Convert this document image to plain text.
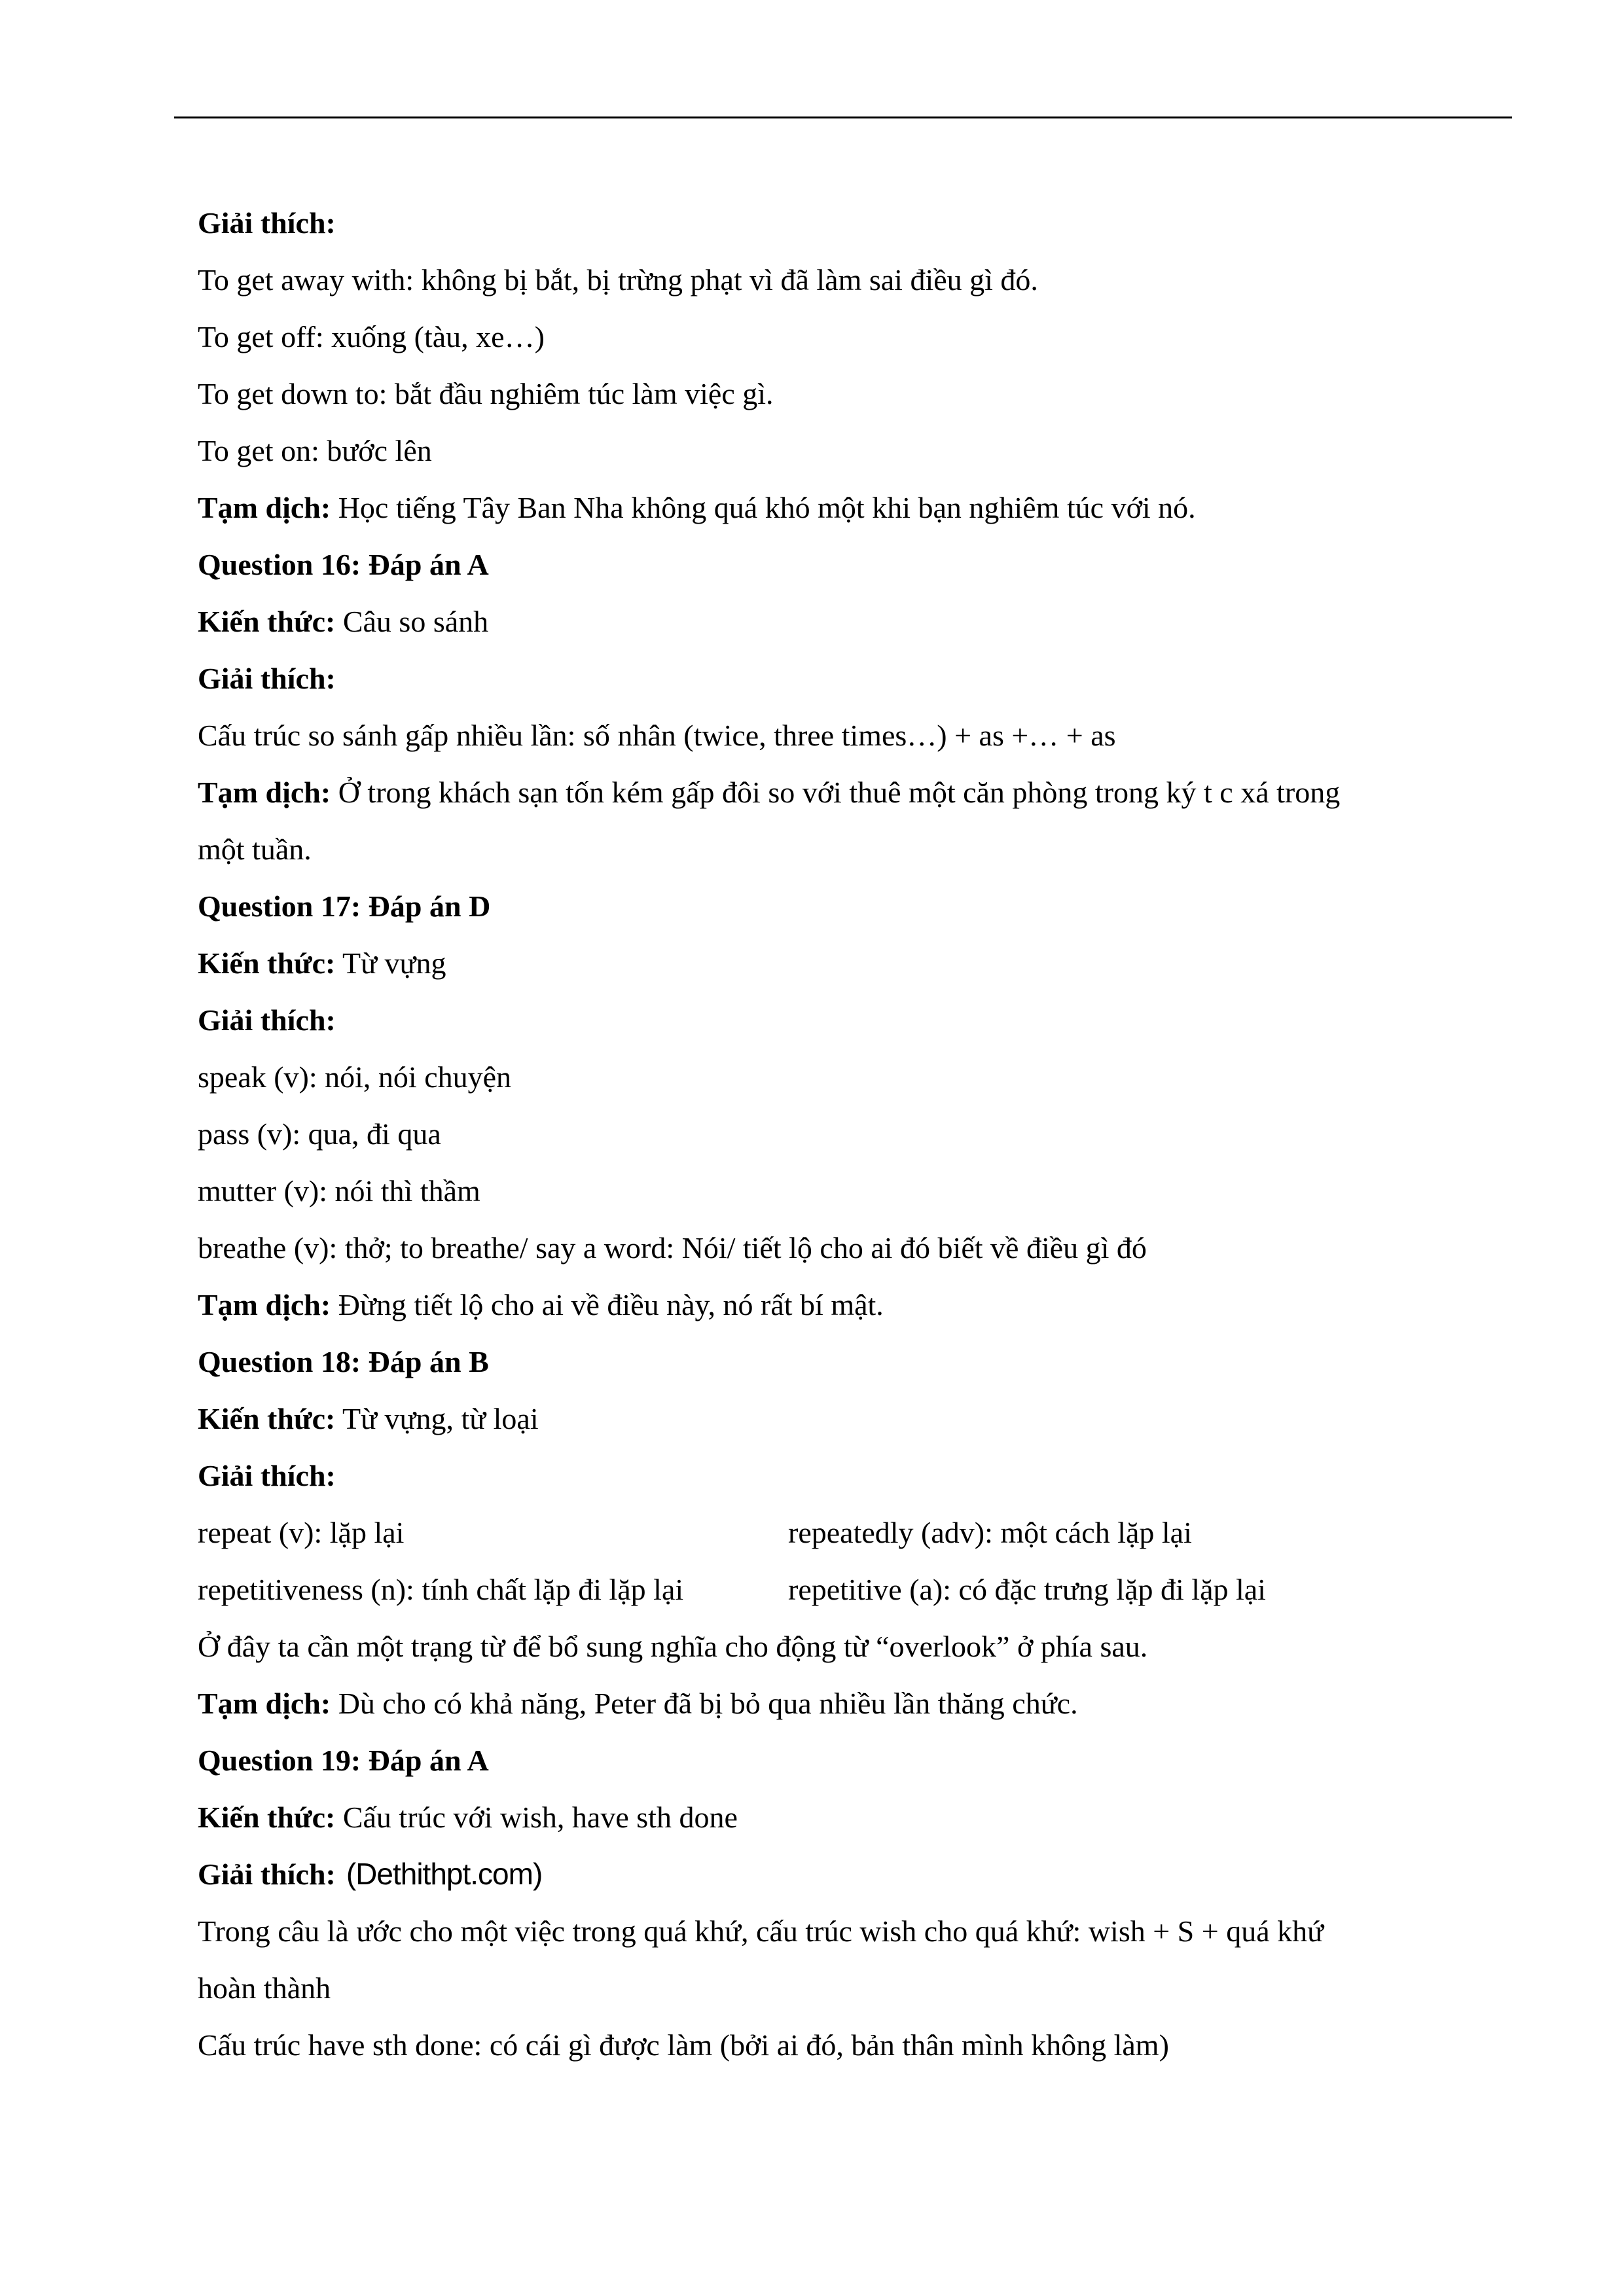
Giải thích:
To get away with: không bị bắt, bị trừng phạt vì đã làm sai điều gì đó.
To get off: xuống (tàu, xe…)
To get down to: bắt đầu nghiêm túc làm việc gì.
To get on: bước lên
Tạm dịch: Học tiếng Tây Ban Nha không quá khó một khi bạn nghiêm túc với nó.
Question 16: Đáp án A
Kiến thức: Câu so sánh
Giải thích:
Cấu trúc so sánh gấp nhiều lần: số nhân (twice, three times…) + as +… + as
Tạm dịch: Ở trong khách sạn tốn kém gấp đôi so với thuê một căn phòng trong ký t c xá trong
một tuần.
Question 17: Đáp án D
Kiến thức: Từ vựng
Giải thích:
speak (v): nói, nói chuyện
pass (v): qua, đi qua
mutter (v): nói thì thầm
breathe (v): thở; to breathe/ say a word: Nói/ tiết lộ cho ai đó biết về điều gì đó
Tạm dịch: Đừng tiết lộ cho ai về điều này, nó rất bí mật.
Question 18: Đáp án B
Kiến thức: Từ vựng, từ loại
Giải thích:
repeat (v): lặp lại	repeatedly (adv): một cách lặp lại
repetitiveness (n): tính chất lặp đi lặp lại	repetitive (a): có đặc trưng lặp đi lặp lại
Ở đây ta cần một trạng từ để bổ sung nghĩa cho động từ “overlook” ở phía sau.
Tạm dịch: Dù cho có khả năng, Peter đã bị bỏ qua nhiều lần thăng chức.
Question 19: Đáp án A
Kiến thức: Cấu trúc với wish, have sth done
Giải thích: (Dethithpt.com)
Trong câu là ước cho một việc trong quá khứ, cấu trúc wish cho quá khứ: wish + S + quá khứ
hoàn thành
Cấu trúc have sth done: có cái gì được làm (bởi ai đó, bản thân mình không làm)
